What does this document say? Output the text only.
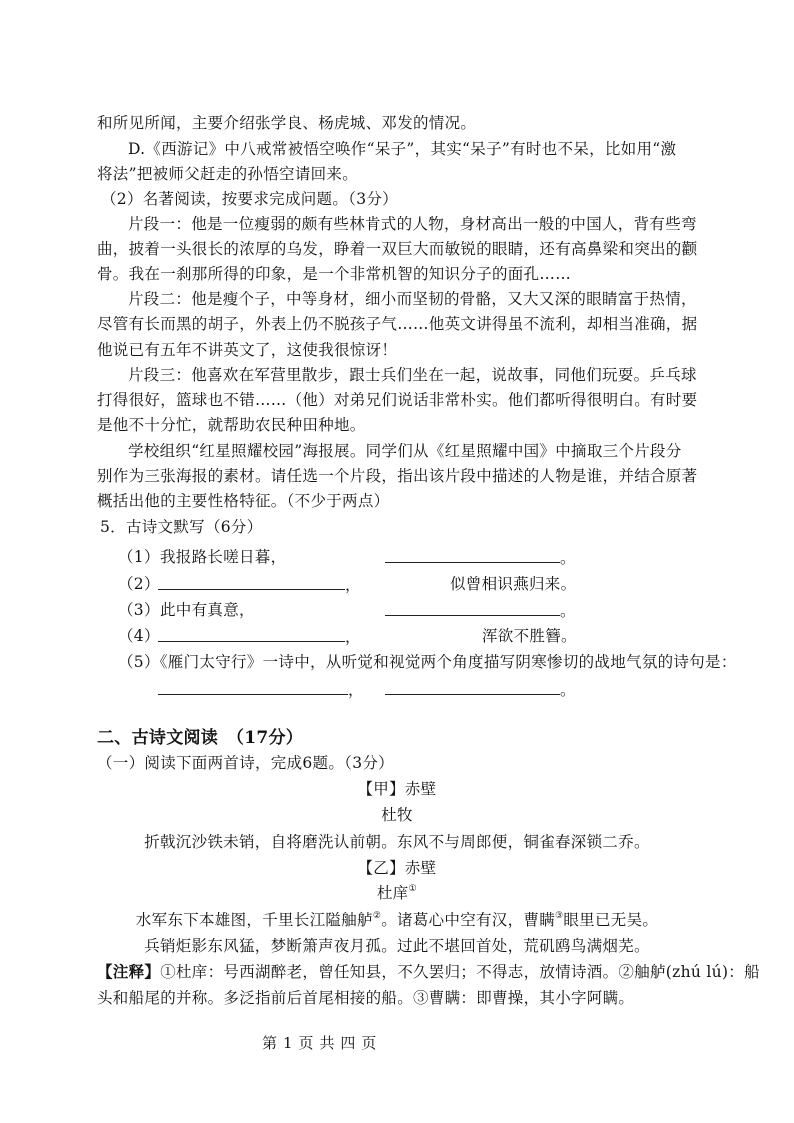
和所见所闻，主要介绍张学良、杨虎城、邓发的情况。
D.《西游记》中八戒常被悟空唤作“呆子”，其实“呆子”有时也不呆，比如用“激
将法”把被师父赶走的孙悟空请回来。
（2）名著阅读，按要求完成问题。（3分）
片段一：他是一位瘦弱的颇有些林肯式的人物，身材高出一般的中国人，背有些弯
曲，披着一头很长的浓厚的乌发，睁着一双巨大而敏锐的眼睛，还有高鼻梁和突出的颧
骨。我在一刹那所得的印象，是一个非常机智的知识分子的面孔……
片段二：他是瘦个子，中等身材，细小而坚韧的骨骼，又大又深的眼睛富于热情，
尽管有长而黑的胡子，外表上仍不脱孩子气……他英文讲得虽不流利，却相当准确，据
他说已有五年不讲英文了，这使我很惊讶！
片段三：他喜欢在军营里散步，跟士兵们坐在一起，说故事，同他们玩耍。乒乓球
打得很好，篮球也不错……（他）对弟兄们说话非常朴实。他们都听得很明白。有时要
是他不十分忙，就帮助农民种田种地。
学校组织“红星照耀校园”海报展。同学们从《红星照耀中国》中摘取三个片段分
别作为三张海报的素材。请任选一个片段，指出该片段中描述的人物是谁，并结合原著
概括出他的主要性格特征。（不少于两点）
5．古诗文默写（6分）
（1） 我报路长嗟日暮，	。
（2）	，	似曾相识燕归来。
（3） 此中有真意，	。
（4）	，	浑欲不胜簪。
（5）《雁门太守行》一诗中，从听觉和视觉两个角度描写阴寒惨切的战地气氛的诗句是：
，	。
二、古诗文阅读　（17分）
（一）阅读下面两首诗，完成6题。（3分）
【甲】赤壁
杜牧
折戟沉沙铁未销，自将磨洗认前朝。东风不与周郎便，铜雀春深锁二乔。
【乙】赤壁
杜庠①
水军东下本雄图，千里长江隘舳舻②。诸葛心中空有汉，曹瞒③眼里已无吴。
兵销炬影东风猛，梦断箫声夜月孤。过此不堪回首处，荒矶鸥鸟满烟芜。
【注释】①杜庠：号西湖醉老，曾任知县，不久罢归；不得志，放情诗酒。②舳舻(zhú lú)：船
头和船尾的并称。多泛指前后首尾相接的船。③曹瞒：即曹操，其小字阿瞒。
第 1 页 共 四 页
